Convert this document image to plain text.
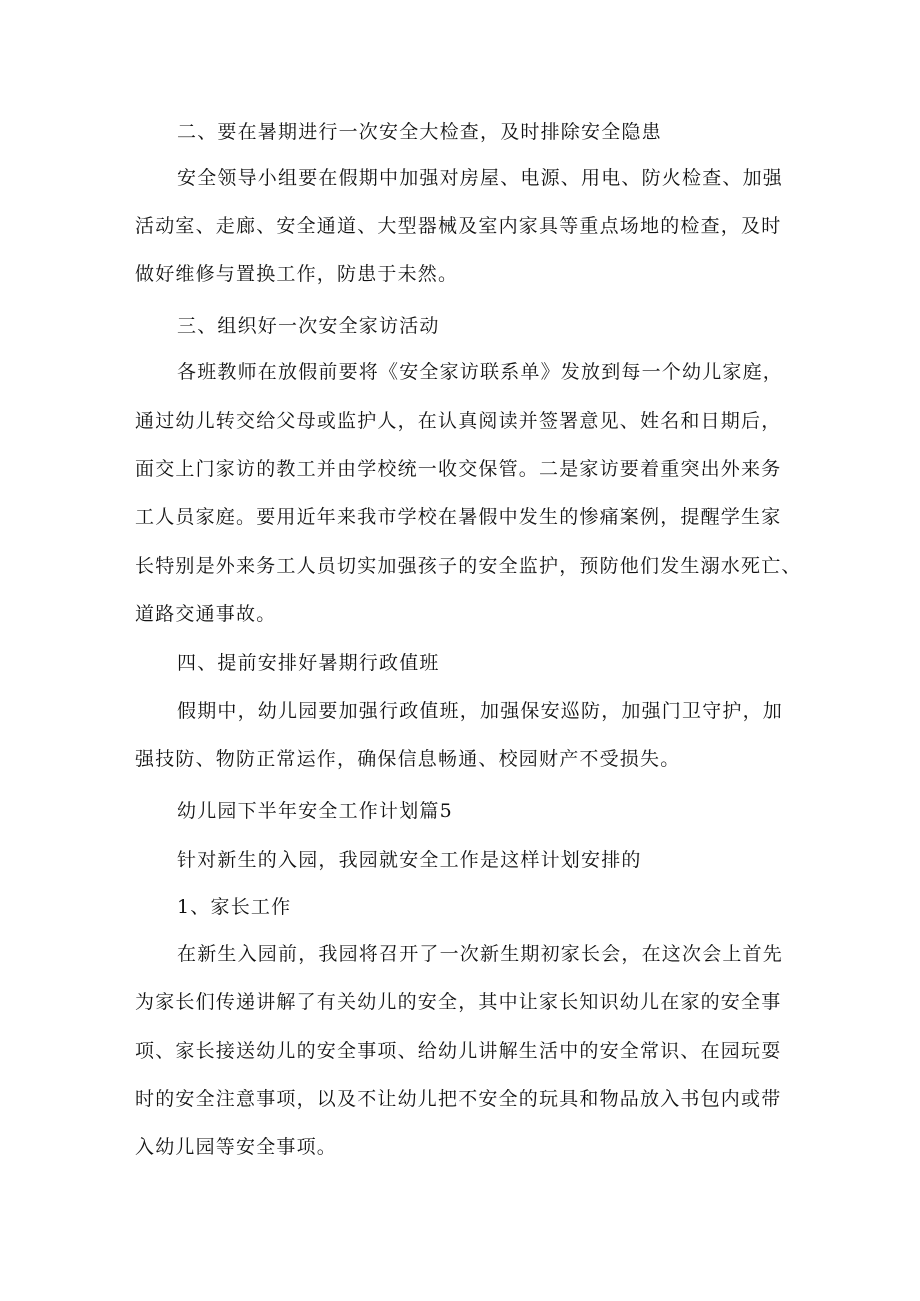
二、要在暑期进行一次安全大检查，及时排除安全隐患
安全领导小组要在假期中加强对房屋、电源、用电、防火检查、加强
活动室、走廊、安全通道、大型器械及室内家具等重点场地的检查，及时
做好维修与置换工作，防患于未然。
三、组织好一次安全家访活动
各班教师在放假前要将《安全家访联系单》发放到每一个幼儿家庭，
通过幼儿转交给父母或监护人，在认真阅读并签署意见、姓名和日期后，
面交上门家访的教工并由学校统一收交保管。二是家访要着重突出外来务
工人员家庭。要用近年来我市学校在暑假中发生的惨痛案例，提醒学生家
长特别是外来务工人员切实加强孩子的安全监护，预防他们发生溺水死亡、
道路交通事故。
四、提前安排好暑期行政值班
假期中，幼儿园要加强行政值班，加强保安巡防，加强门卫守护，加
强技防、物防正常运作，确保信息畅通、校园财产不受损失。
幼儿园下半年安全工作计划篇5
针对新生的入园，我园就安全工作是这样计划安排的
1、家长工作
在新生入园前，我园将召开了一次新生期初家长会，在这次会上首先
为家长们传递讲解了有关幼儿的安全，其中让家长知识幼儿在家的安全事
项、家长接送幼儿的安全事项、给幼儿讲解生活中的安全常识、在园玩耍
时的安全注意事项，以及不让幼儿把不安全的玩具和物品放入书包内或带
入幼儿园等安全事项。
